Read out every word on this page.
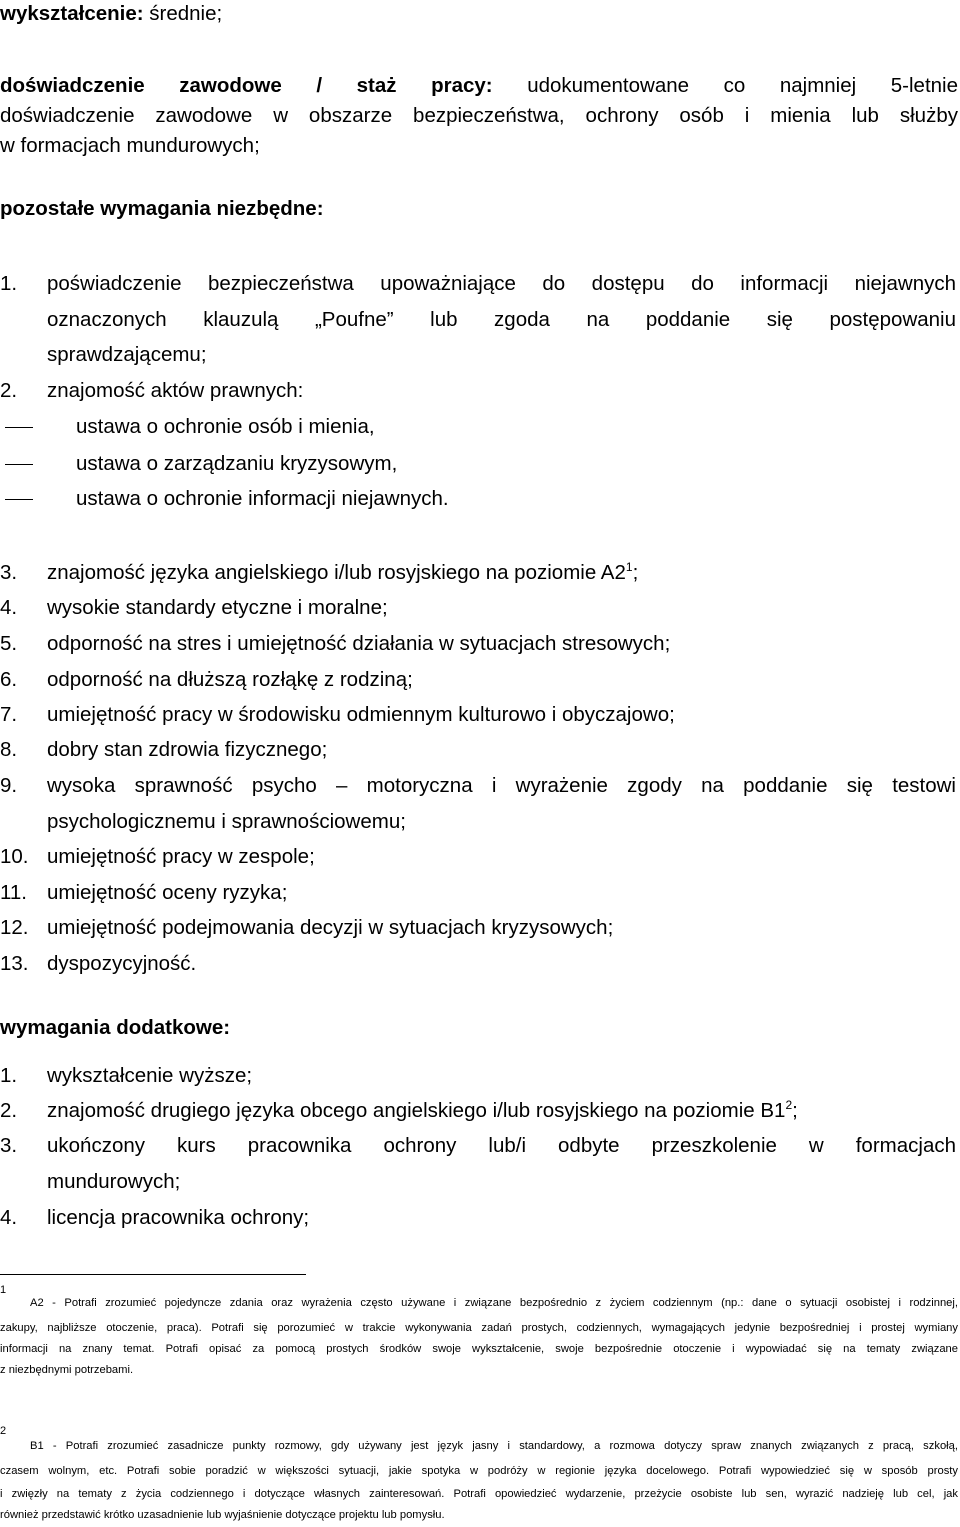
wykształcenie: średnie;
doświadczenie zawodowe / staż pracy: udokumentowane co najmniej 5-letnie
doświadczenie zawodowe w obszarze bezpieczeństwa, ochrony osób i mienia lub służby
w formacjach mundurowych;
pozostałe wymagania niezbędne:
1. poświadczenie bezpieczeństwa upoważniające do dostępu do informacji niejawnych
oznaczonych klauzulą „Poufne” lub zgoda na poddanie się postępowaniu
sprawdzającemu;
2. znajomość aktów prawnych:
ustawa o ochronie osób i mienia,
ustawa o zarządzaniu kryzysowym,
ustawa o ochronie informacji niejawnych.
3. znajomość języka angielskiego i/lub rosyjskiego na poziomie $A2^1$;
4. wysokie standardy etyczne i moralne;
5. odporność na stres i umiejętność działania w sytuacjach stresowych;
6. odporność na dłuższą rozłąkę z rodziną;
7. umiejętność pracy w środowisku odmiennym kulturowo i obyczajowo;
8. dobry stan zdrowia fizycznego;
9. wysoka sprawność psycho – motoryczna i wyrażenie zgody na poddanie się testowi
psychologicznemu i sprawnościowemu;
10. umiejętność pracy w zespole;
11. umiejętność oceny ryzyka;
12. umiejętność podejmowania decyzji w sytuacjach kryzysowych;
13. dyspozycyjność.
wymagania dodatkowe:
1. wykształcenie wyższe;
2. znajomość drugiego języka obcego angielskiego i/lub rosyjskiego na poziomie $B1^2$;
3. ukończony kurs pracownika ochrony lub/i odbyte przeszkolenie w formacjach
mundurowych;
4. licencja pracownika ochrony;
1
A2 - Potrafi zrozumieć pojedyncze zdania oraz wyrażenia często używane i związane bezpośrednio z życiem codziennym (np.: dane o sytuacji osobistej i rodzinnej,
zakupy, najbliższe otoczenie, praca). Potrafi się porozumieć w trakcie wykonywania zadań prostych, codziennych, wymagających jedynie bezpośredniej i prostej wymiany
informacji na znany temat. Potrafi opisać za pomocą prostych środków swoje wykształcenie, swoje bezpośrednie otoczenie i wypowiadać się na tematy związane
z niezbędnymi potrzebami.
2
B1 - Potrafi zrozumieć zasadnicze punkty rozmowy, gdy używany jest język jasny i standardowy, a rozmowa dotyczy spraw znanych związanych z pracą, szkołą,
czasem wolnym, etc. Potrafi sobie poradzić w większości sytuacji, jakie spotyka w podróży w regionie języka docelowego. Potrafi wypowiedzieć się w sposób prosty
i zwięzły na tematy z życia codziennego i dotyczące własnych zainteresowań. Potrafi opowiedzieć wydarzenie, przeżycie osobiste lub sen, wyrazić nadzieję lub cel, jak
również przedstawić krótko uzasadnienie lub wyjaśnienie dotyczące projektu lub pomysłu.
